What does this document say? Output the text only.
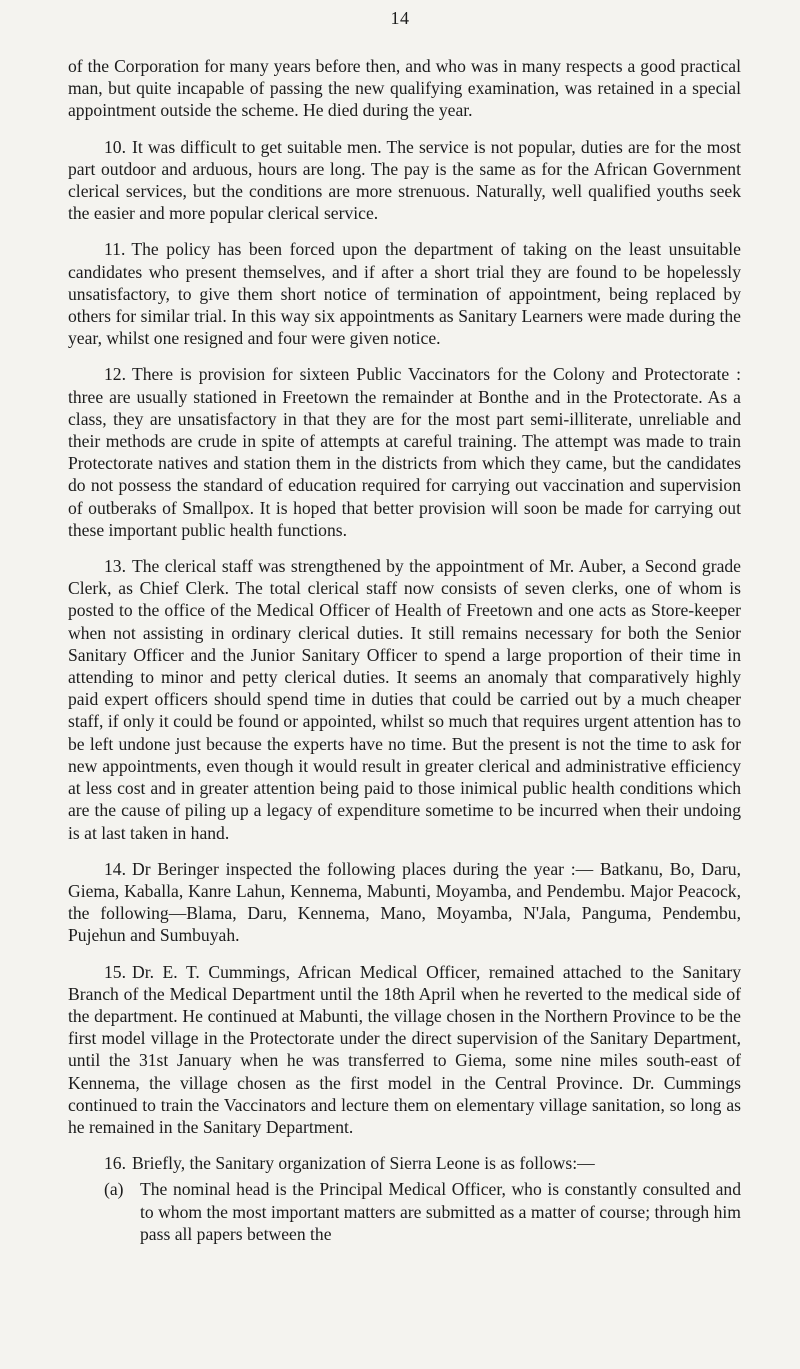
14

of the Corporation for many years before then, and who was in many respects a good practical man, but quite incapable of passing the new qualifying examination, was retained in a special appointment outside the scheme. He died during the year.

10. It was difficult to get suitable men. The service is not popular, duties are for the most part outdoor and arduous, hours are long. The pay is the same as for the African Government clerical services, but the conditions are more strenuous. Naturally, well qualified youths seek the easier and more popular clerical service.

11. The policy has been forced upon the department of taking on the least unsuitable candidates who present themselves, and if after a short trial they are found to be hopelessly unsatisfactory, to give them short notice of termination of appointment, being replaced by others for similar trial. In this way six appointments as Sanitary Learners were made during the year, whilst one resigned and four were given notice.

12. There is provision for sixteen Public Vaccinators for the Colony and Protectorate : three are usually stationed in Freetown the remainder at Bonthe and in the Protectorate. As a class, they are unsatisfactory in that they are for the most part semi-illiterate, unreliable and their methods are crude in spite of attempts at careful training. The attempt was made to train Protectorate natives and station them in the districts from which they came, but the candidates do not possess the standard of education required for carrying out vaccination and supervision of outberaks of Smallpox. It is hoped that better provision will soon be made for carrying out these important public health functions.

13. The clerical staff was strengthened by the appointment of Mr. Auber, a Second grade Clerk, as Chief Clerk. The total clerical staff now consists of seven clerks, one of whom is posted to the office of the Medical Officer of Health of Freetown and one acts as Store-keeper when not assisting in ordinary clerical duties. It still remains necessary for both the Senior Sanitary Officer and the Junior Sanitary Officer to spend a large proportion of their time in attending to minor and petty clerical duties. It seems an anomaly that comparatively highly paid expert officers should spend time in duties that could be carried out by a much cheaper staff, if only it could be found or appointed, whilst so much that requires urgent attention has to be left undone just because the experts have no time. But the present is not the time to ask for new appointments, even though it would result in greater clerical and administrative efficiency at less cost and in greater attention being paid to those inimical public health conditions which are the cause of piling up a legacy of expenditure sometime to be incurred when their undoing is at last taken in hand.

14. Dr Beringer inspected the following places during the year :— Batkanu, Bo, Daru, Giema, Kaballa, Kanre Lahun, Kennema, Mabunti, Moyamba, and Pendembu. Major Peacock, the following—Blama, Daru, Kennema, Mano, Moyamba, N'Jala, Panguma, Pendembu, Pujehun and Sumbuyah.

15. Dr. E. T. Cummings, African Medical Officer, remained attached to the Sanitary Branch of the Medical Department until the 18th April when he reverted to the medical side of the department. He continued at Mabunti, the village chosen in the Northern Province to be the first model village in the Protectorate under the direct supervision of the Sanitary Department, until the 31st January when he was transferred to Giema, some nine miles south-east of Kennema, the village chosen as the first model in the Central Province. Dr. Cummings continued to train the Vaccinators and lecture them on elementary village sanitation, so long as he remained in the Sanitary Department.

16. Briefly, the Sanitary organization of Sierra Leone is as follows:—

(a) The nominal head is the Principal Medical Officer, who is constantly consulted and to whom the most important matters are submitted as a matter of course; through him pass all papers between the
